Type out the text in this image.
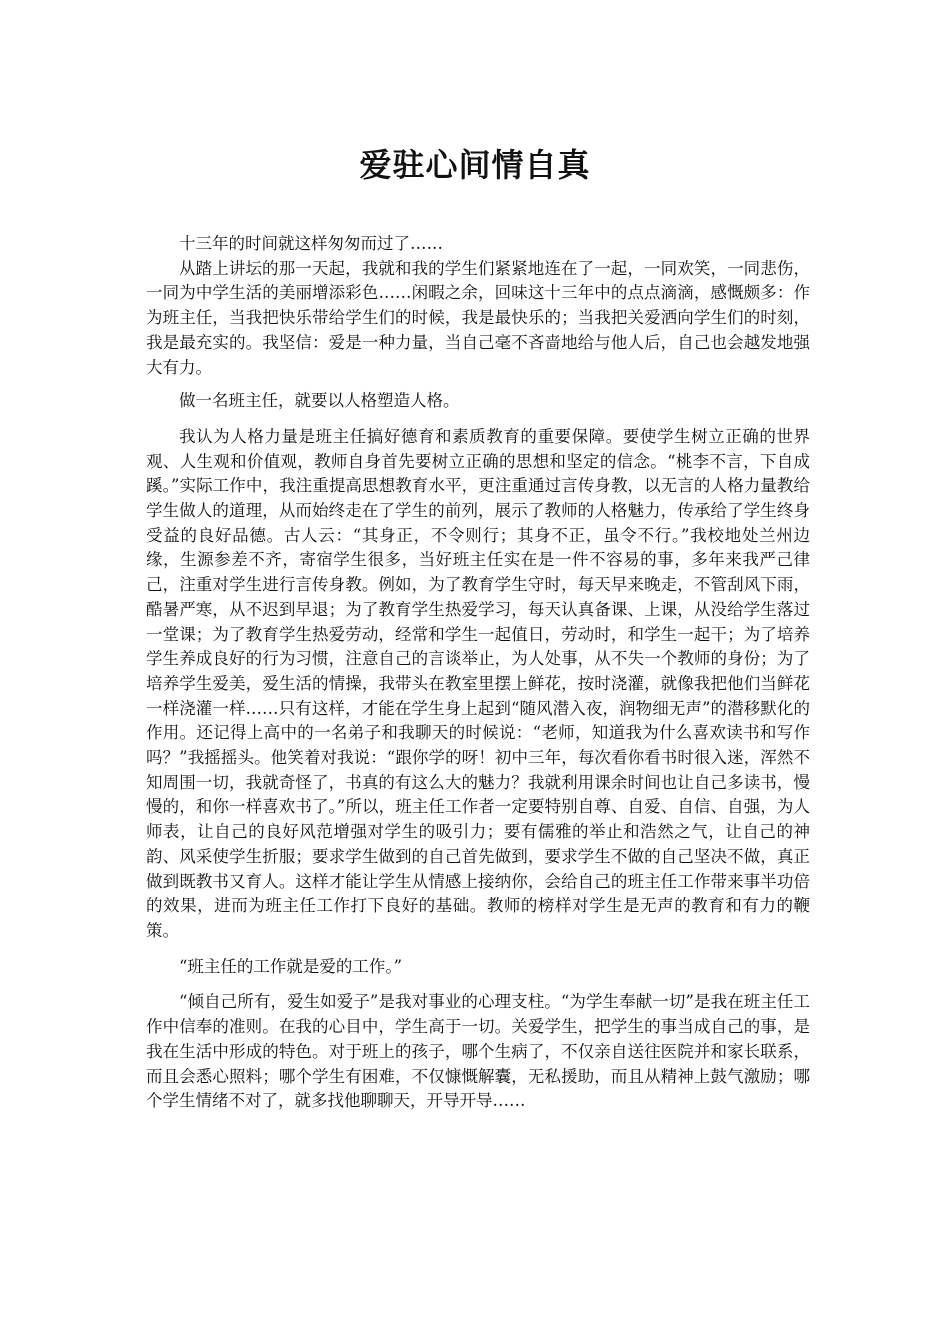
爱驻心间情自真

十三年的时间就这样匆匆而过了……

从踏上讲坛的那一天起，我就和我的学生们紧紧地连在了一起，一同欢笑，一同悲伤，一同为中学生活的美丽增添彩色……闲暇之余，回味这十三年中的点点滴滴，感慨颇多：作为班主任，当我把快乐带给学生们的时候，我是最快乐的；当我把关爱洒向学生们的时刻，我是最充实的。我坚信：爱是一种力量，当自己毫不吝啬地给与他人后，自己也会越发地强大有力。

做一名班主任，就要以人格塑造人格。

我认为人格力量是班主任搞好德育和素质教育的重要保障。要使学生树立正确的世界观、人生观和价值观，教师自身首先要树立正确的思想和坚定的信念。“桃李不言，下自成蹊。”实际工作中，我注重提高思想教育水平，更注重通过言传身教，以无言的人格力量教给学生做人的道理，从而始终走在了学生的前列，展示了教师的人格魅力，传承给了学生终身受益的良好品德。古人云：“其身正，不令则行；其身不正，虽令不行。”我校地处兰州边缘，生源参差不齐，寄宿学生很多，当好班主任实在是一件不容易的事，多年来我严己律己，注重对学生进行言传身教。例如，为了教育学生守时，每天早来晚走，不管刮风下雨，酷暑严寒，从不迟到早退；为了教育学生热爱学习，每天认真备课、上课，从没给学生落过一堂课；为了教育学生热爱劳动，经常和学生一起值日，劳动时，和学生一起干；为了培养学生养成良好的行为习惯，注意自己的言谈举止，为人处事，从不失一个教师的身份；为了培养学生爱美，爱生活的情操，我带头在教室里摆上鲜花，按时浇灌，就像我把他们当鲜花一样浇灌一样……只有这样，才能在学生身上起到“随风潜入夜，润物细无声”的潜移默化的作用。还记得上高中的一名弟子和我聊天的时候说：“老师，知道我为什么喜欢读书和写作吗？”我摇摇头。他笑着对我说：“跟你学的呀！初中三年，每次看你看书时很入迷，浑然不知周围一切，我就奇怪了，书真的有这么大的魅力？我就利用课余时间也让自己多读书，慢慢的，和你一样喜欢书了。”所以，班主任工作者一定要特别自尊、自爱、自信、自强，为人师表，让自己的良好风范增强对学生的吸引力；要有儒雅的举止和浩然之气，让自己的神韵、风采使学生折服；要求学生做到的自己首先做到，要求学生不做的自己坚决不做，真正做到既教书又育人。这样才能让学生从情感上接纳你，会给自己的班主任工作带来事半功倍的效果，进而为班主任工作打下良好的基础。教师的榜样对学生是无声的教育和有力的鞭策。

“班主任的工作就是爱的工作。”

“倾自己所有，爱生如爱子”是我对事业的心理支柱。“为学生奉献一切”是我在班主任工作中信奉的准则。在我的心目中，学生高于一切。关爱学生，把学生的事当成自己的事，是我在生活中形成的特色。对于班上的孩子，哪个生病了，不仅亲自送往医院并和家长联系，而且会悉心照料；哪个学生有困难，不仅慷慨解囊，无私援助，而且从精神上鼓气激励；哪个学生情绪不对了，就多找他聊聊天，开导开导……
